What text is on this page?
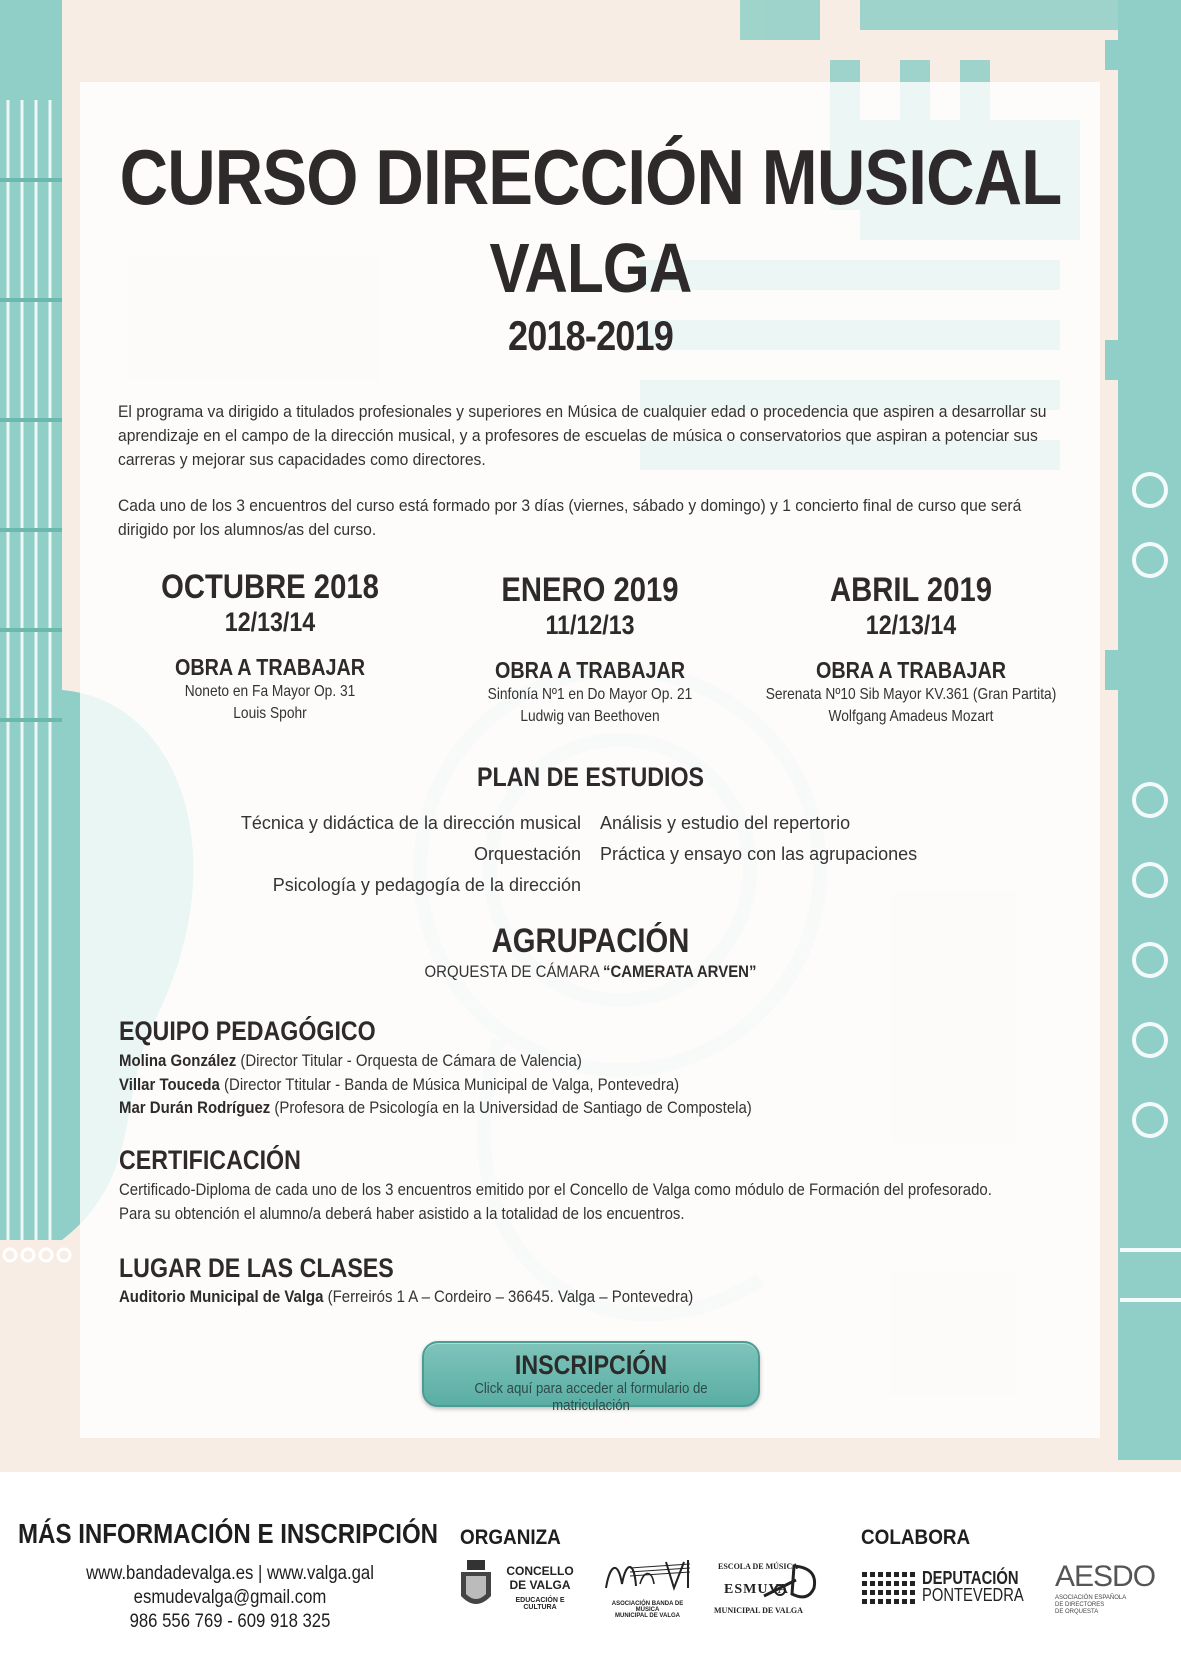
CURSO DIRECCIÓN MUSICAL
VALGA
2018-2019

El programa va dirigido a titulados profesionales y superiores en Música de cualquier edad o procedencia que aspiren a desarrollar su aprendizaje en el campo de la dirección musical, y a profesores de escuelas de música o conservatorios que aspiran a potenciar sus carreras y mejorar sus capacidades como directores.

Cada uno de los 3 encuentros del curso está formado por 3 días (viernes, sábado y domingo) y 1 concierto final de curso que será dirigido por los alumnos/as del curso.

OCTUBRE 2018
12/13/14
OBRA A TRABAJAR
Noneto en Fa Mayor Op. 31
Louis Spohr
ENERO 2019
11/12/13
OBRA A TRABAJAR
Sinfonía Nº1 en Do Mayor Op. 21
Ludwig van Beethoven
ABRIL 2019
12/13/14
OBRA A TRABAJAR
Serenata Nº10 Sib Mayor KV.361 (Gran Partita)
Wolfgang Amadeus Mozart
PLAN DE ESTUDIOS
Técnica y didáctica de la dirección musical
Orquestación
Psicología y pedagogía de la dirección
Análisis y estudio del repertorio
Práctica y ensayo con las agrupaciones
AGRUPACIÓN
ORQUESTA DE CÁMARA “CAMERATA ARVEN”
EQUIPO PEDAGÓGICO
Molina González (Director Titular - Orquesta de Cámara de Valencia)
Villar Touceda (Director Ttitular - Banda de Música Municipal de Valga, Pontevedra)
Mar Durán Rodríguez (Profesora de Psicología en la Universidad de Santiago de Compostela)
CERTIFICACIÓN
Certificado-Diploma de cada uno de los 3 encuentros emitido por el Concello de Valga como módulo de Formación del profesorado. Para su obtención el alumno/a deberá haber asistido a la totalidad de los encuentros.
LUGAR DE LAS CLASES
Auditorio Municipal de Valga (Ferreirós 1 A – Cordeiro – 36645. Valga – Pontevedra)
INSCRIPCIÓN
Click aquí para acceder al formulario de matriculación
MÁS INFORMACIÓN E INSCRIPCIÓN
www.bandadevalga.es | www.valga.gal
esmudevalga@gmail.com
986 556 769 - 609 918 325
ORGANIZA	COLABORA
CONCELLO
DE VALGA
EDUCACIÓN E CULTURA	ASOCIACIÓN BANDA DE MÚSICA
MUNICIPAL DE VALGA
ESCOLA DE MÚSICA
ESMUVA
MUNICIPAL DE VALGA
DEPUTACIÓN
PONTEVEDRA
AESDO
ASOCIACIÓN ESPAÑOLA
DE DIRECTORES
DE ORQUESTA
